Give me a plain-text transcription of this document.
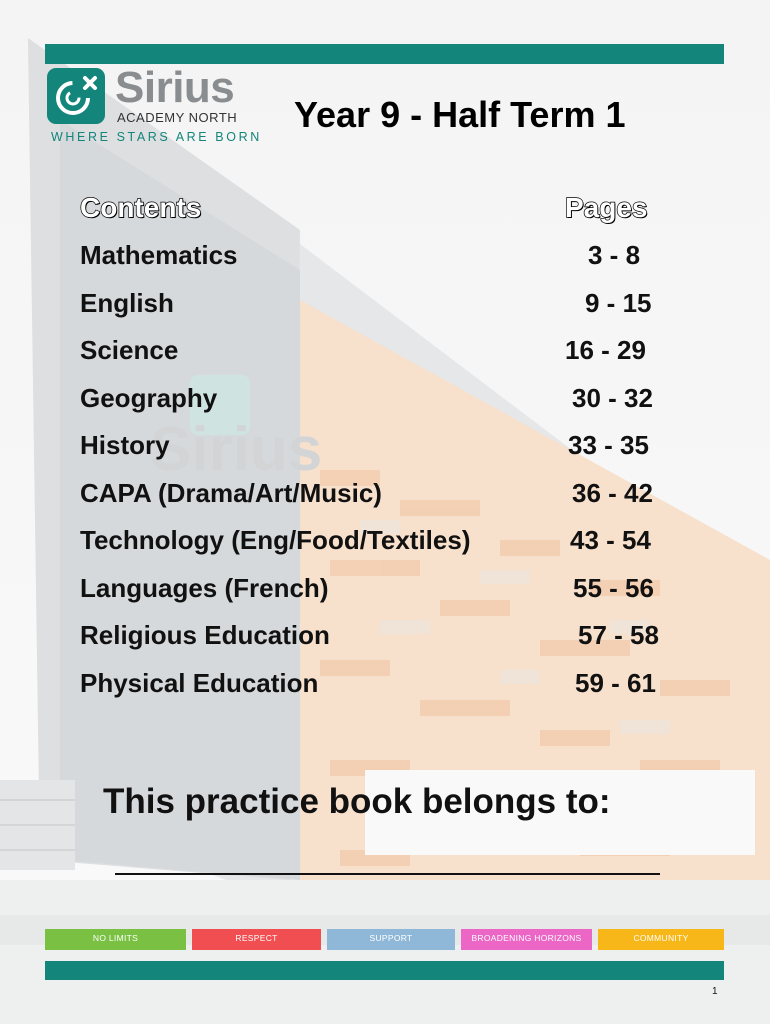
Sirius
Sirius
ACADEMY NORTH
WHERE STARS ARE BORN
Year 9 - Half Term 1
Contents	Pages
Mathematics	3 - 8
English	9 - 15
Science	16 - 29
Geography	30 - 32
History	33 - 35
CAPA (Drama/Art/Music)	36 - 42
Technology (Eng/Food/Textiles)	43 - 54
Languages (French)	55 - 56
Religious Education	57 - 58
Physical Education	59 - 61
This practice book belongs to:
NO LIMITS	RESPECT	SUPPORT	BROADENING HORIZONS	COMMUNITY
1
